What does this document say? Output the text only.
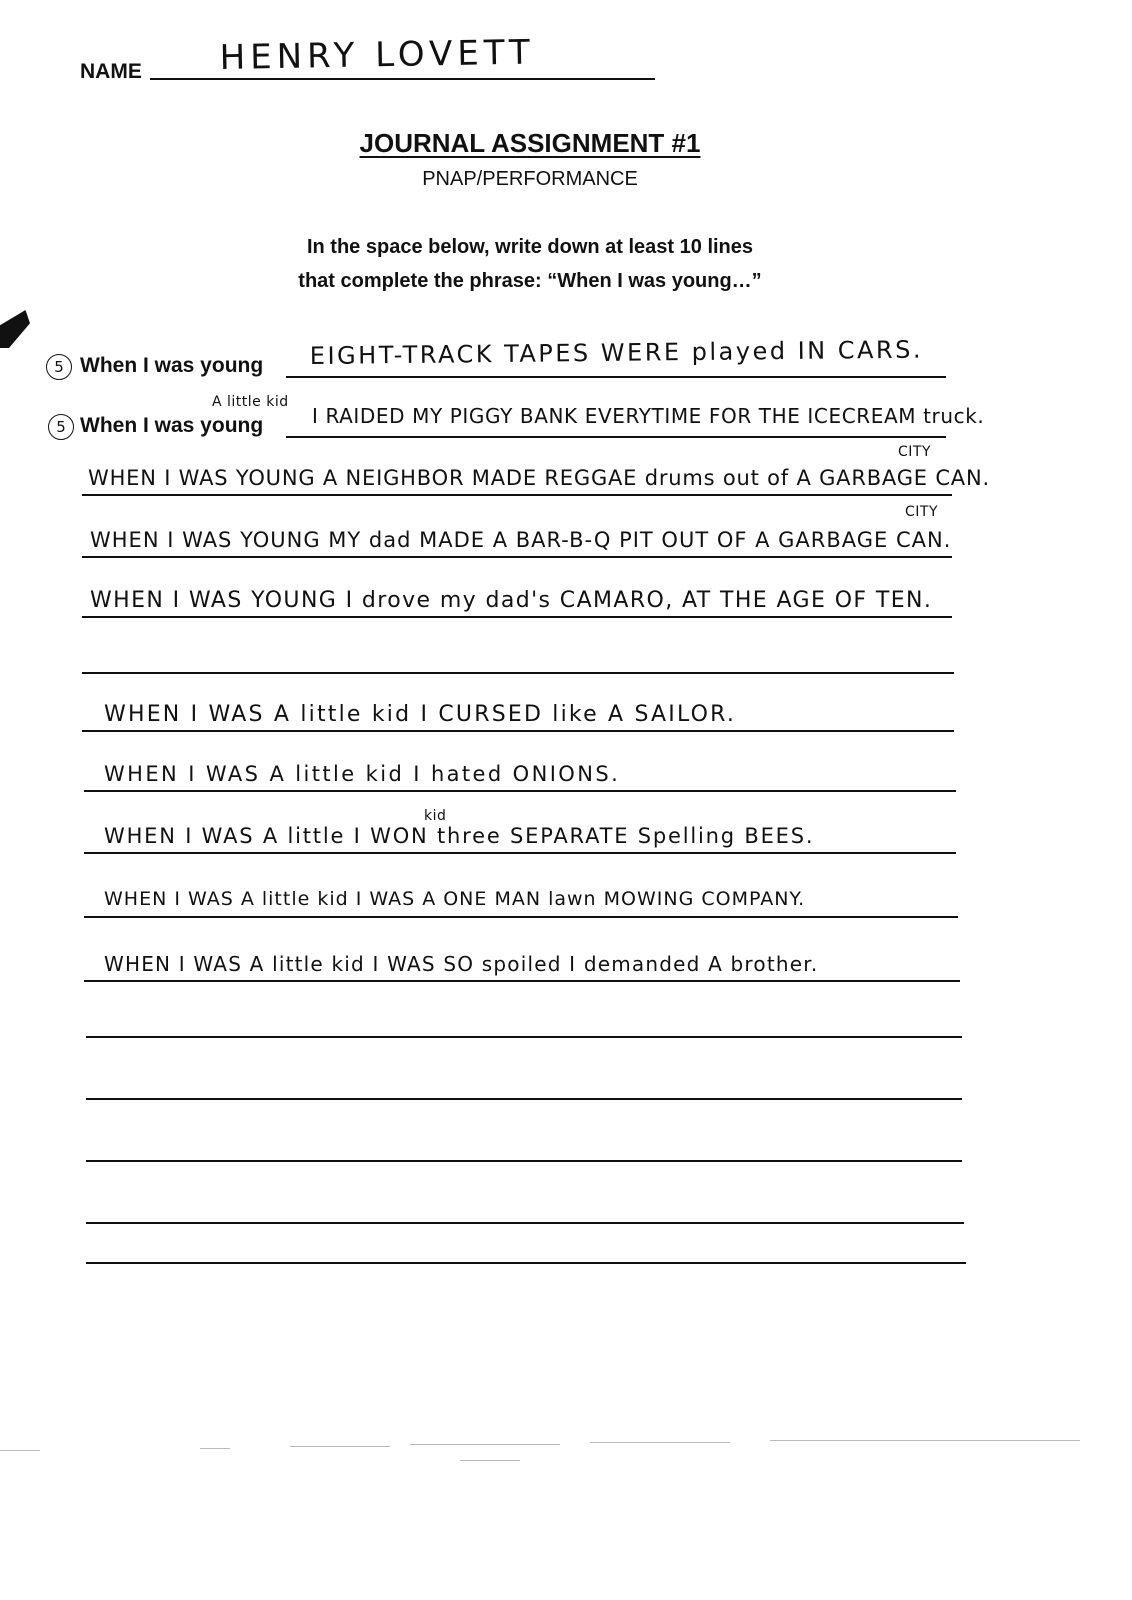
NAME HENRY LOVETT
JOURNAL ASSIGNMENT #1
PNAP/PERFORMANCE
In the space below, write down at least 10 lines
that complete the phrase: “When I was young…”
5 When I was young EIGHT-TRACK TAPES WERE played IN CARS.
A little kid
5 When I was young I RAIDED MY PIGGY BANK EVERYTIME FOR THE ICECREAM truck.
CITY
WHEN I WAS YOUNG A NEIGHBOR MADE REGGAE drums out of A GARBAGE CAN.
CITY
WHEN I WAS YOUNG MY dad MADE A BAR-B-Q PIT OUT OF A GARBAGE CAN.
WHEN I WAS YOUNG I drove my dad's CAMARO, AT THE AGE OF TEN.
WHEN I WAS A little kid I CURSED like A SAILOR.
WHEN I WAS A little kid I hated ONIONS.
kid
WHEN I WAS A little I WON three SEPARATE Spelling BEES.
WHEN I WAS A little kid I WAS A ONE MAN lawn MOWING COMPANY.
WHEN I WAS A little kid I WAS SO spoiled I demanded A brother.
